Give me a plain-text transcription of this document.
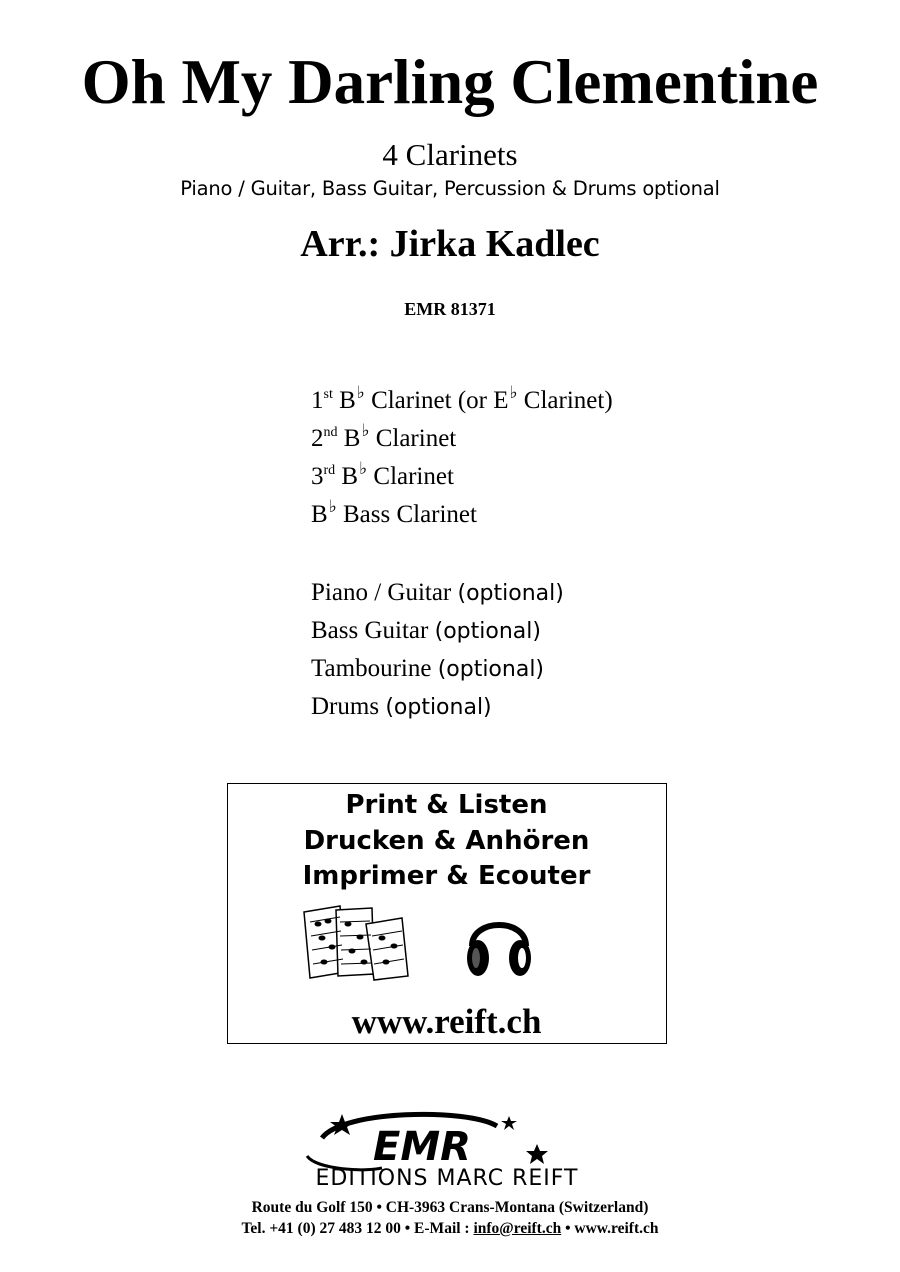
Oh My Darling Clementine
4 Clarinets
Piano / Guitar, Bass Guitar, Percussion & Drums optional
Arr.: Jirka Kadlec
EMR 81371
1st B♭ Clarinet (or E♭ Clarinet)
2nd B♭ Clarinet
3rd B♭ Clarinet
B♭ Bass Clarinet
Piano / Guitar (optional)
Bass Guitar (optional)
Tambourine (optional)
Drums (optional)
Print & Listen
Drucken & Anhören
Imprimer & Ecouter
www.reift.ch
EMR
EDITIONS MARC REIFT
Route du Golf 150 • CH-3963 Crans-Montana (Switzerland)
Tel. +41 (0) 27 483 12 00 • E-Mail : info@reift.ch • www.reift.ch
